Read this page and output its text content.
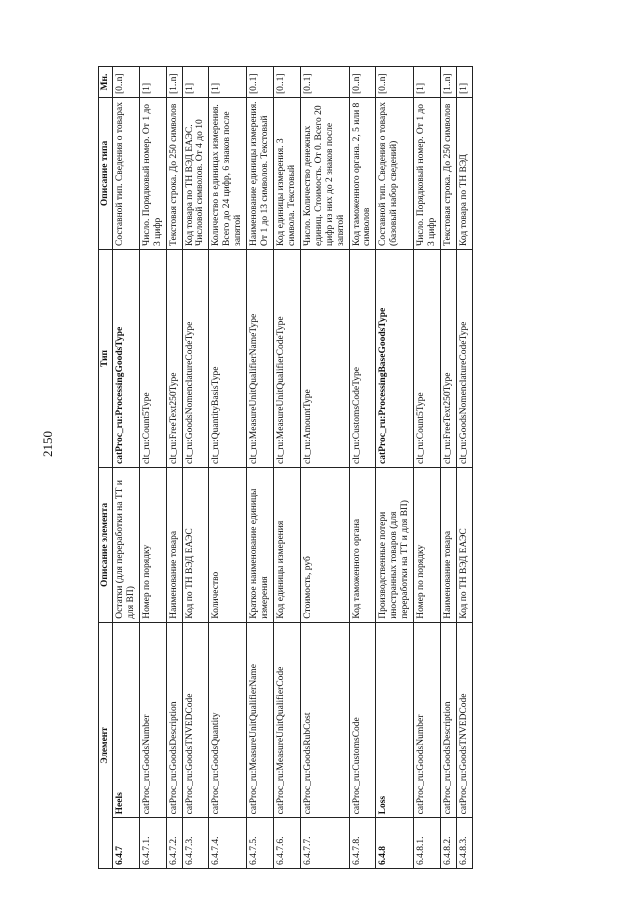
2150
Элемент		Описание элемента	Тип	Описание типа	Мн.
6.4.7	Heels	Остатки (для переработки на ТТ и для ВП)	catProc_ru:ProcessingGoodsType	Составной тип. Сведения о товарах	[0..n]
6.4.7.1.	catProc_ru:GoodsNumber	Номер по порядку	clt_ru:Count5Type	Число. Порядковый номер. От 1 до 3 цифр	[1]
6.4.7.2.	catProc_ru:GoodsDescription	Наименование товара	clt_ru:FreeText250Type	Текстовая строка. До 250 символов	[1..n]
6.4.7.3.	catProc_ru:GoodsTNVEDCode	Код по ТН ВЭД ЕАЭС	clt_ru:GoodsNomenclatureCodeType	Код товара по ТН ВЭД ЕАЭС. Числовой символов. От 4 до 10	[1]
6.4.7.4.	catProc_ru:GoodsQuantity	Количество	clt_ru:QuantityBasisType	Количество в единицах измерения. Всего до 24 цифр, 6 знаков после запятой	[1]
6.4.7.5.	catProc_ru:MeasureUnitQualifierName	Краткое наименование единицы измерения	clt_ru:MeasureUnitQualifierNameType	Наименование единицы измерения. От 1 до 13 символов. Текстовый	[0..1]
6.4.7.6.	catProc_ru:MeasureUnitQualifierCode	Код единицы измерения	clt_ru:MeasureUnitQualifierCodeType	Код единицы измерения. 3 символа. Текстовый	[0..1]
6.4.7.7.	catProc_ru:GoodsRubCost	Стоимость, руб	clt_ru:AmountType	Число. Количество денежных единиц. Стоимость. От 0. Всего 20 цифр из них до 2 знаков после запятой	[0..1]
6.4.7.8.	catProc_ru:CustomsCode	Код таможенного органа	clt_ru:CustomsCodeType	Код таможенного органа. 2, 5 или 8 символов	[0..n]
6.4.8	Loss	Производственные потери иностранных товаров (для переработки на ТТ и для ВП)	catProc_ru:ProcessingBaseGoodsType	Составной тип. Сведения о товарах (базовый набор сведений)	[0..n]
6.4.8.1.	catProc_ru:GoodsNumber	Номер по порядку	clt_ru:Count5Type	Число. Порядковый номер. От 1 до 3 цифр	[1]
6.4.8.2.	catProc_ru:GoodsDescription	Наименование товара	clt_ru:FreeText250Type	Текстовая строка. До 250 символов	[1..n]
6.4.8.3.	catProc_ru:GoodsTNVEDCode	Код по ТН ВЭД ЕАЭС	clt_ru:GoodsNomenclatureCodeType	Код товара по ТН ВЭД	[1]
